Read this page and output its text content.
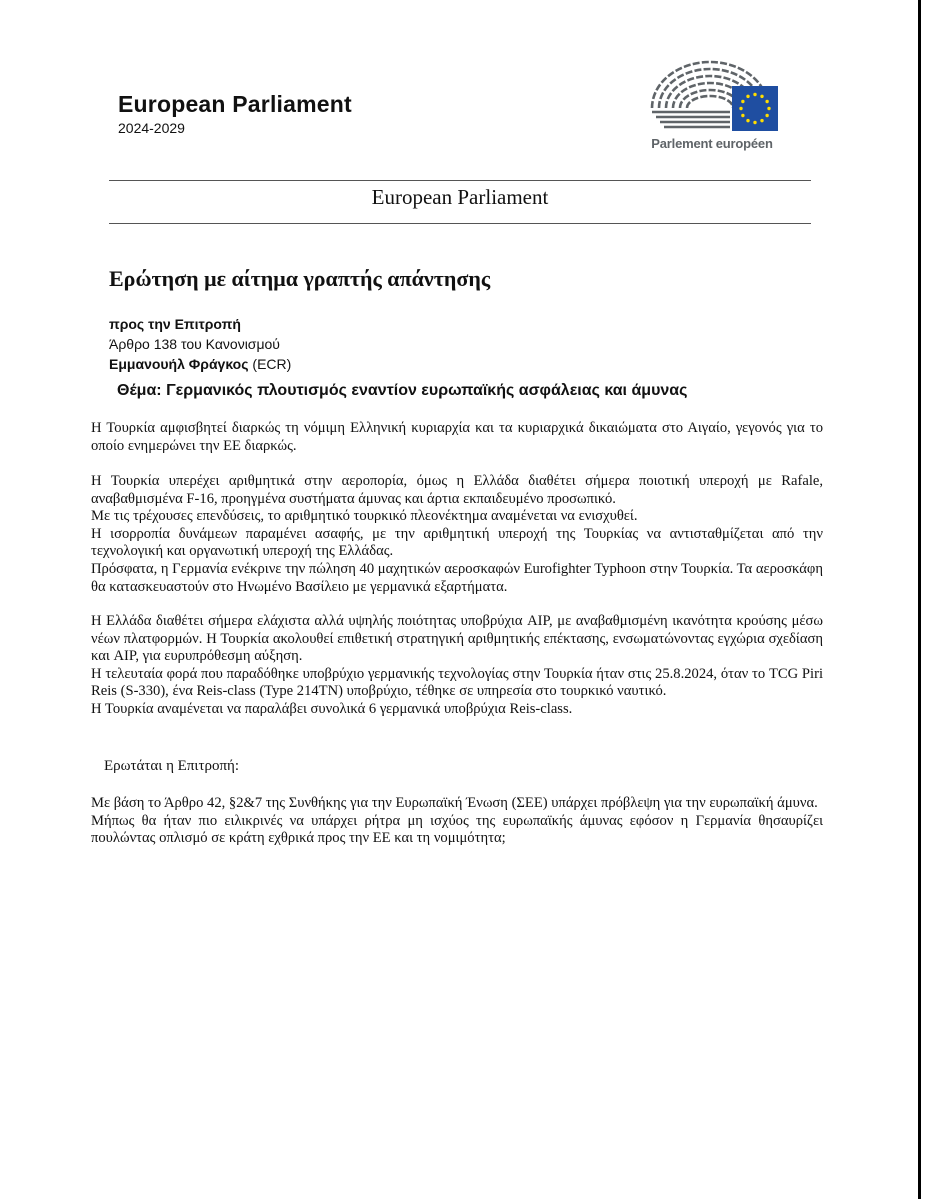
European Parliament
2024-2029
Parlement européen
European Parliament
Ερώτηση με αίτημα γραπτής απάντησης
προς την Επιτροπή
Άρθρο 138 του Κανονισμού
Εμμανουήλ Φράγκος (ECR)
Θέμα: Γερμανικός πλουτισμός εναντίον ευρωπαϊκής ασφάλειας και άμυνας

Η Τουρκία αμφισβητεί διαρκώς τη νόμιμη Ελληνική κυριαρχία και τα κυριαρχικά δικαιώματα στο Αιγαίο, γεγονός για το οποίο ενημερώνει την ΕΕ διαρκώς.

Η Τουρκία υπερέχει αριθμητικά στην αεροπορία, όμως η Ελλάδα διαθέτει σήμερα ποιοτική υπεροχή με Rafale, αναβαθμισμένα F-16, προηγμένα συστήματα άμυνας και άρτια εκπαιδευμένο προσωπικό.

Με τις τρέχουσες επενδύσεις, το αριθμητικό τουρκικό πλεονέκτημα αναμένεται να ενισχυθεί.

Η ισορροπία δυνάμεων παραμένει ασαφής, με την αριθμητική υπεροχή της Τουρκίας να αντισταθμίζεται από την τεχνολογική και οργανωτική υπεροχή της Ελλάδας.

Πρόσφατα, η Γερμανία ενέκρινε την πώληση 40 μαχητικών αεροσκαφών Eurofighter Typhoon στην Τουρκία. Τα αεροσκάφη θα κατασκευαστούν στο Ηνωμένο Βασίλειο με γερμανικά εξαρτήματα.

Η Ελλάδα διαθέτει σήμερα ελάχιστα αλλά υψηλής ποιότητας υποβρύχια AIP, με αναβαθμισμένη ικανότητα κρούσης μέσω νέων πλατφορμών. Η Τουρκία ακολουθεί επιθετική στρατηγική αριθμητικής επέκτασης, ενσωματώνοντας εγχώρια σχεδίαση και AIP, για ευρυπρόθεσμη αύξηση.

Η τελευταία φορά που παραδόθηκε υποβρύχιο γερμανικής τεχνολογίας στην Τουρκία ήταν στις 25.8.2024, όταν το TCG Piri Reis (S-330), ένα Reis-class (Type 214TN) υποβρύχιο, τέθηκε σε υπηρεσία στο τουρκικό ναυτικό.

Η Τουρκία αναμένεται να παραλάβει συνολικά 6 γερμανικά υποβρύχια Reis-class.

Ερωτάται η Επιτροπή:

Με βάση το Άρθρο 42, §2&7 της Συνθήκης για την Ευρωπαϊκή Ένωση (ΣΕΕ) υπάρχει πρόβλεψη για την ευρωπαϊκή άμυνα.

Μήπως θα ήταν πιο ειλικρινές να υπάρχει ρήτρα μη ισχύος της ευρωπαϊκής άμυνας εφόσον η Γερμανία θησαυρίζει πουλώντας οπλισμό σε κράτη εχθρικά προς την ΕΕ και τη νομιμότητα;
